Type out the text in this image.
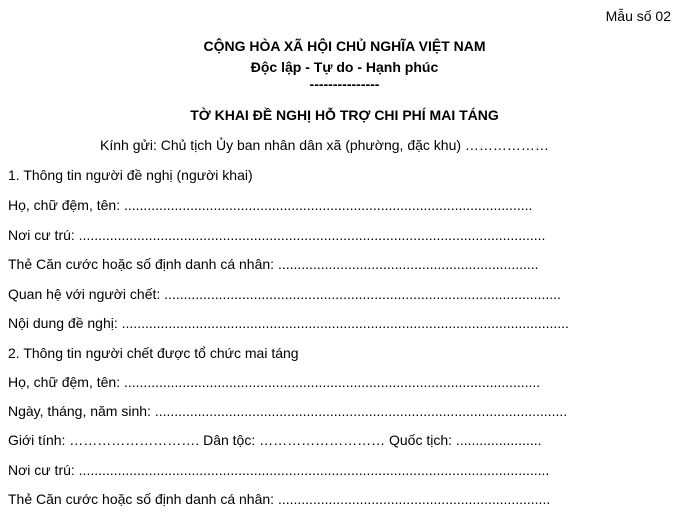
Mẫu số 02
CỘNG HÒA XÃ HỘI CHỦ NGHĨA VIỆT NAM
Độc lập - Tự do - Hạnh phúc
---------------
TỜ KHAI ĐỀ NGHỊ HỖ TRỢ CHI PHÍ MAI TÁNG
Kính gửi: Chủ tịch Ủy ban nhân dân xã (phường, đặc khu) ………………
1. Thông tin người đề nghị (người khai)
Họ, chữ đệm, tên: .........................................................................................................
Nơi cư trú: ........................................................................................................................
Thẻ Căn cước hoặc số định danh cá nhân: ...................................................................
Quan hệ với người chết: ......................................................................................................
Nội dung đề nghị: ...................................................................................................................
2. Thông tin người chết được tổ chức mai táng
Họ, chữ đệm, tên: ...........................................................................................................
Ngày, tháng, năm sinh: ..........................................................................................................
Giới tính: ………………………. Dân tộc: ……………………… Quốc tịch: ......................
Nơi cư trú: .........................................................................................................................
Thẻ Căn cước hoặc số định danh cá nhân: ......................................................................
